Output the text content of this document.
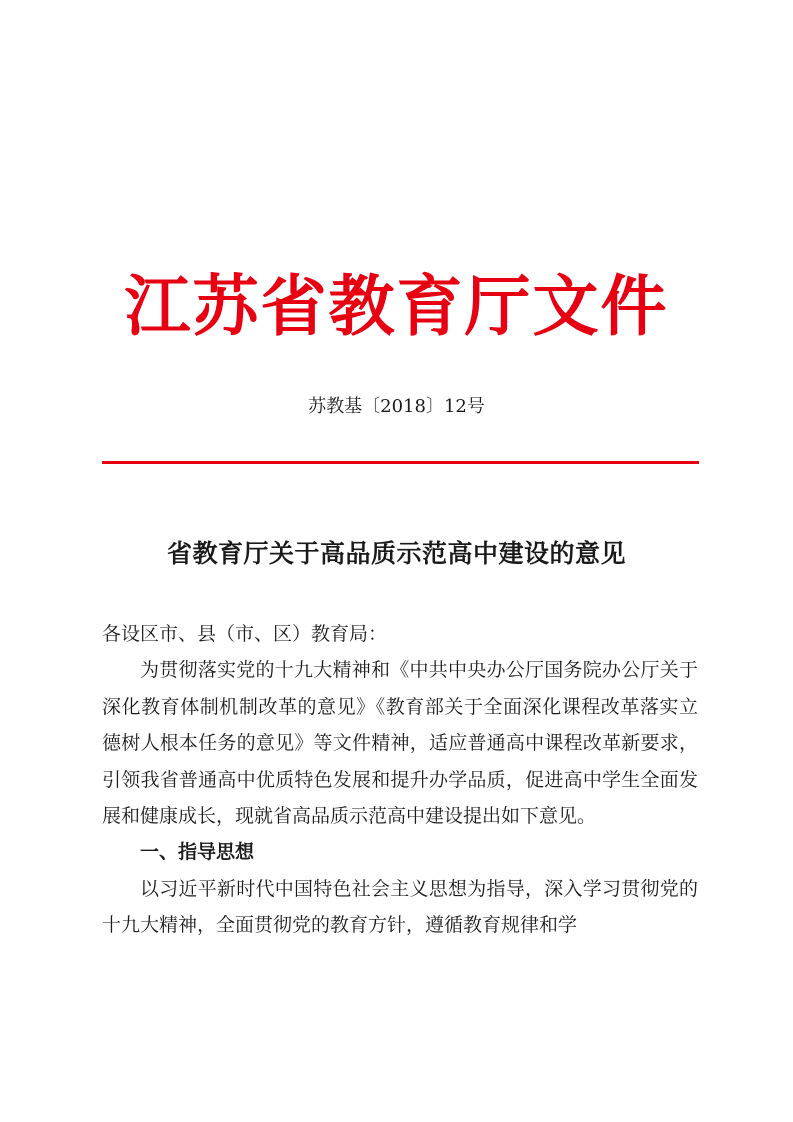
江苏省教育厅文件
苏教基〔2018〕12号
省教育厅关于高品质示范高中建设的意见

各设区市、县（市、区）教育局：

为贯彻落实党的十九大精神和《中共中央办公厅国务院办公厅关于深化教育体制机制改革的意见》《教育部关于全面深化课程改革落实立德树人根本任务的意见》等文件精神，适应普通高中课程改革新要求，引领我省普通高中优质特色发展和提升办学品质，促进高中学生全面发展和健康成长，现就省高品质示范高中建设提出如下意见。

一、指导思想

以习近平新时代中国特色社会主义思想为指导，深入学习贯彻党的十九大精神，全面贯彻党的教育方针，遵循教育规律和学
